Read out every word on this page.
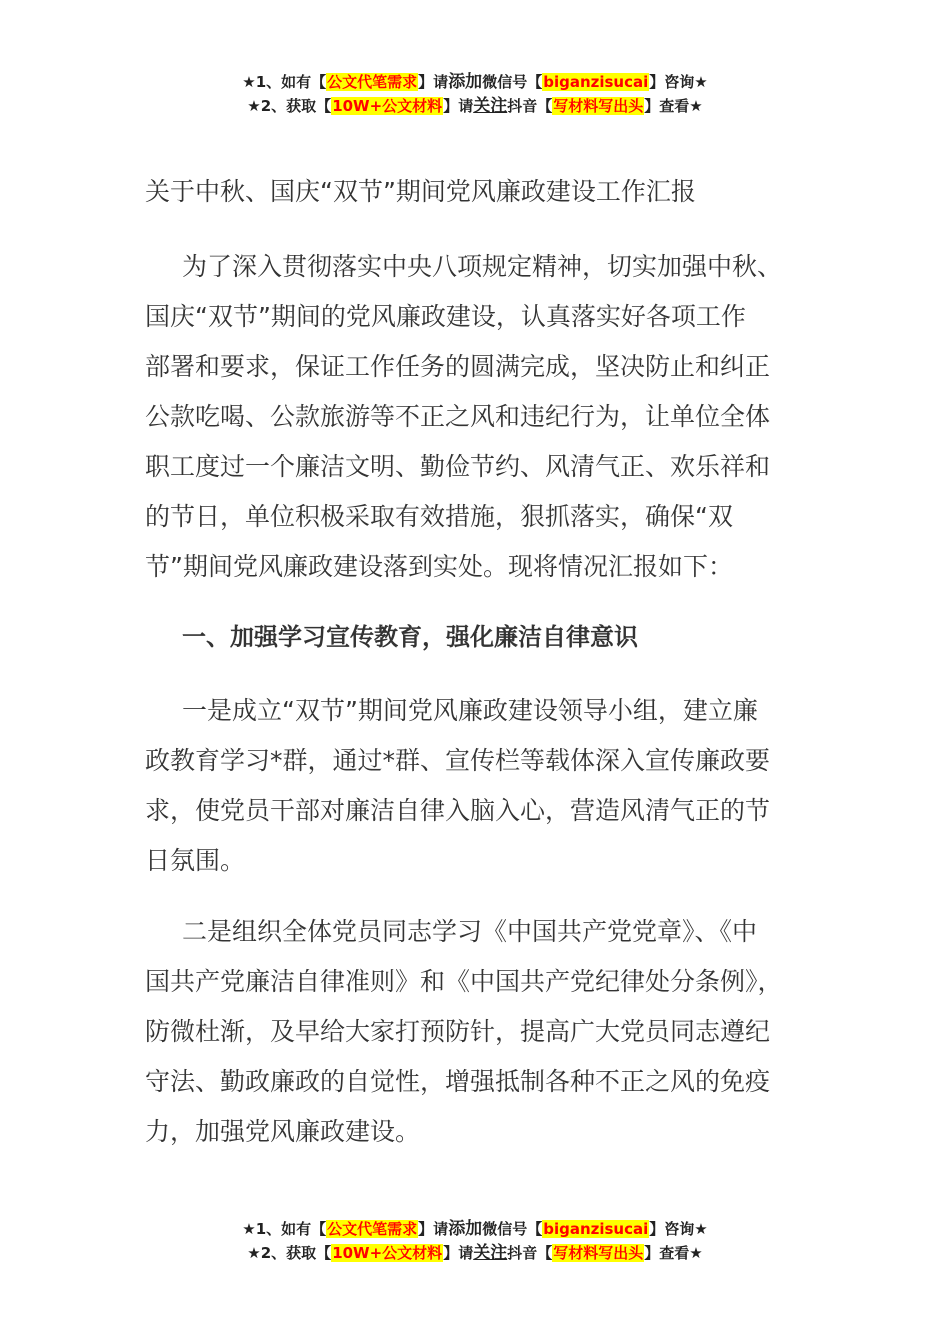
★1、如有【公文代笔需求】请添加微信号【biganzisucai】咨询★
★2、获取【10W+公文材料】请关注抖音【写材料写出头】查看★
关于中秋、国庆“双节”期间党风廉政建设工作汇报

为了深入贯彻落实中央八项规定精神，切实加强中秋、
国庆“双节”期间的党风廉政建设，认真落实好各项工作
部署和要求，保证工作任务的圆满完成，坚决防止和纠正
公款吃喝、公款旅游等不正之风和违纪行为，让单位全体
职工度过一个廉洁文明、勤俭节约、风清气正、欢乐祥和
的节日，单位积极采取有效措施，狠抓落实，确保“双
节”期间党风廉政建设落到实处。现将情况汇报如下：

一、加强学习宣传教育，强化廉洁自律意识

一是成立“双节”期间党风廉政建设领导小组，建立廉
政教育学习*群，通过*群、宣传栏等载体深入宣传廉政要
求，使党员干部对廉洁自律入脑入心，营造风清气正的节
日氛围。

二是组织全体党员同志学习《中国共产党党章》、《中
国共产党廉洁自律准则》和《中国共产党纪律处分条例》，
防微杜渐，及早给大家打预防针，提高广大党员同志遵纪
守法、勤政廉政的自觉性，增强抵制各种不正之风的免疫
力，加强党风廉政建设。

★1、如有【公文代笔需求】请添加微信号【biganzisucai】咨询★
★2、获取【10W+公文材料】请关注抖音【写材料写出头】查看★
